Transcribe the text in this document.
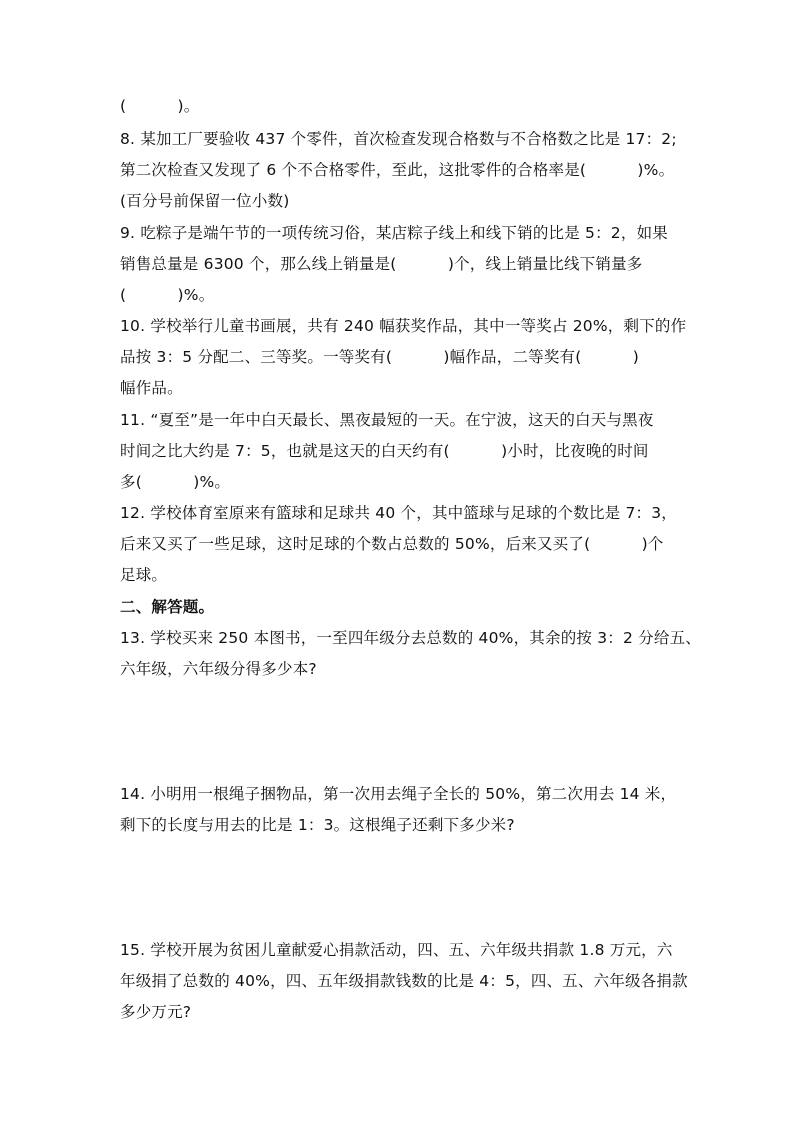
(          )。
8. 某加工厂要验收 437 个零件，首次检查发现合格数与不合格数之比是 17：2;
第二次检查又发现了 6 个不合格零件，至此，这批零件的合格率是(          )%。
(百分号前保留一位小数)
9. 吃粽子是端午节的一项传统习俗，某店粽子线上和线下销的比是 5：2，如果
销售总量是 6300 个，那么线上销量是(          )个，线上销量比线下销量多
(          )%。
10. 学校举行儿童书画展，共有 240 幅获奖作品，其中一等奖占 20%，剩下的作
品按 3：5 分配二、三等奖。一等奖有(          )幅作品，二等奖有(          )
幅作品。
11. “夏至”是一年中白天最长、黑夜最短的一天。在宁波，这天的白天与黑夜
时间之比大约是 7：5，也就是这天的白天约有(          )小时，比夜晚的时间
多(          )%。
12. 学校体育室原来有篮球和足球共 40 个，其中篮球与足球的个数比是 7：3，
后来又买了一些足球，这时足球的个数占总数的 50%，后来又买了(          )个
足球。
二、解答题。
13. 学校买来 250 本图书，一至四年级分去总数的 40%，其余的按 3：2 分给五、
六年级，六年级分得多少本?
14. 小明用一根绳子捆物品，第一次用去绳子全长的 50%，第二次用去 14 米，
剩下的长度与用去的比是 1：3。这根绳子还剩下多少米?
15. 学校开展为贫困儿童献爱心捐款活动，四、五、六年级共捐款 1.8 万元，六
年级捐了总数的 40%，四、五年级捐款钱数的比是 4：5，四、五、六年级各捐款
多少万元?
